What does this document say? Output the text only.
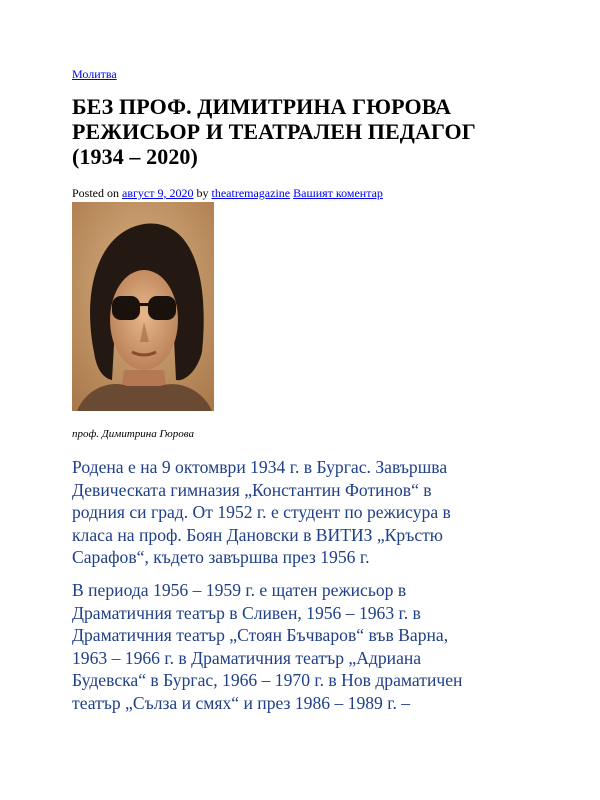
Молитва
БЕЗ ПРОФ. ДИМИТРИНА ГЮРОВА
РЕЖИСЬОР И ТЕАТРАЛЕН ПЕДАГОГ
(1934 – 2020)
Posted on август 9, 2020 by theatremagazine Вашият коментар
проф. Димитрина Гюрова

Родена е на 9 октомври 1934 г. в Бургас. Завършва
Девическата гимназия „Константин Фотинов“ в
родния си град. От 1952 г. е студент по режисура в
класа на проф. Боян Дановски в ВИТИЗ „Кръстю
Сарафов“, където завършва през 1956 г.

В периода 1956 – 1959 г. е щатен режисьор в
Драматичния театър в Сливен, 1956 – 1963 г. в
Драматичния театър „Стоян Бъчваров“ във Варна,
1963 – 1966 г. в Драматичния театър „Адриана
Будевска“ в Бургас, 1966 – 1970 г. в Нов драматичен
театър „Сълза и смях“ и през 1986 – 1989 г. –
